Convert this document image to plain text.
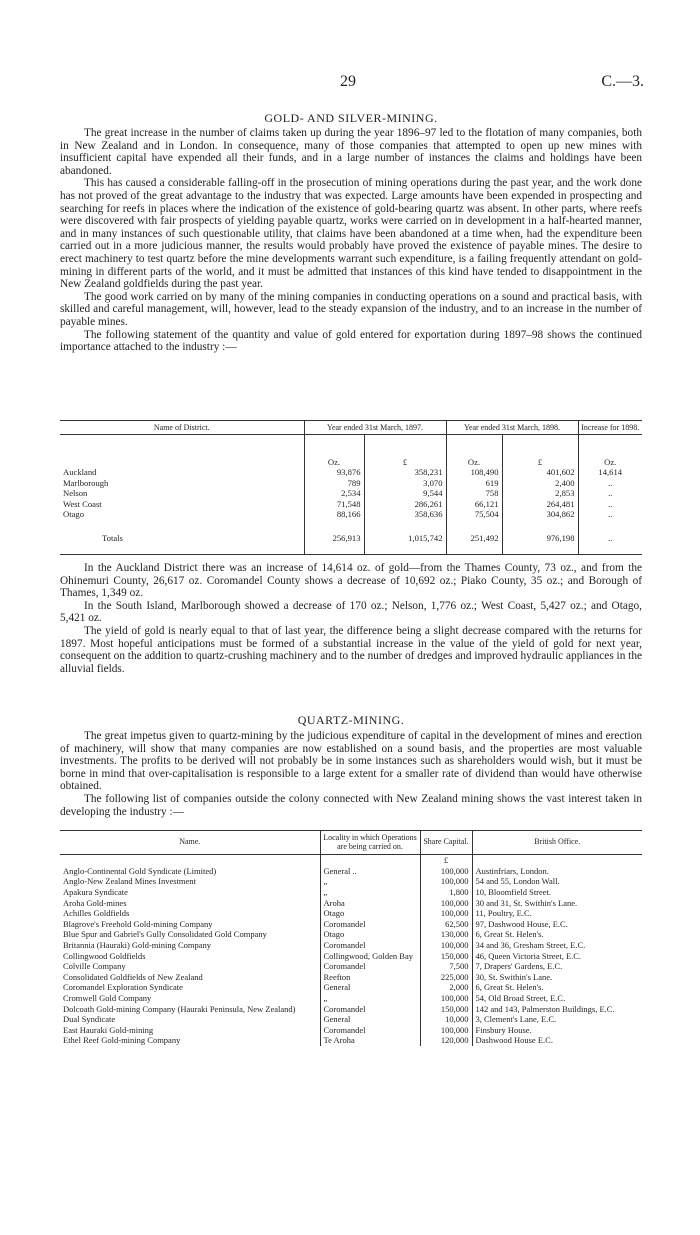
29	C.—3.
GOLD- AND SILVER-MINING.

The great increase in the number of claims taken up during the year 1896–97 led to the flotation of many companies, both in New Zealand and in London. In consequence, many of those companies that attempted to open up new mines with insufficient capital have expended all their funds, and in a large number of instances the claims and holdings have been abandoned.

This has caused a considerable falling-off in the prosecution of mining operations during the past year, and the work done has not proved of the great advantage to the industry that was expected. Large amounts have been expended in prospecting and searching for reefs in places where the indication of the existence of gold-bearing quartz was absent. In other parts, where reefs were discovered with fair prospects of yielding payable quartz, works were carried on in development in a half-hearted manner, and in many instances of such questionable utility, that claims have been abandoned at a time when, had the expenditure been carried out in a more judicious manner, the results would probably have proved the existence of payable mines. The desire to erect machinery to test quartz before the mine developments warrant such expenditure, is a failing frequently attendant on gold-mining in different parts of the world, and it must be admitted that instances of this kind have tended to disappointment in the New Zealand goldfields during the past year.

The good work carried on by many of the mining companies in conducting operations on a sound and practical basis, with skilled and careful management, will, however, lead to the steady expansion of the industry, and to an increase in the number of payable mines.

The following statement of the quantity and value of gold entered for exportation during 1897–98 shows the continued importance attached to the industry :—

Name of District.	Year ended 31st March, 1897.		Year ended 31st March, 1898.		Increase for 1898.
	Oz.	£	Oz.	£	Oz.
Auckland	93,876	358,231	108,490	401,602	14,614
Marlborough	789	3,070	619	2,400	..
Nelson	2,534	9,544	758	2,853	..
West Coast	71,548	286,261	66,121	264,481	..
Otago	88,166	358,636	75,504	304,862	..
Totals	256,913	1,015,742	251,492	976,198	..

In the Auckland District there was an increase of 14,614 oz. of gold—from the Thames County, 73 oz., and from the Ohinemuri County, 26,617 oz. Coromandel County shows a decrease of 10,692 oz.; Piako County, 35 oz.; and Borough of Thames, 1,349 oz.

In the South Island, Marlborough showed a decrease of 170 oz.; Nelson, 1,776 oz.; West Coast, 5,427 oz.; and Otago, 5,421 oz.

The yield of gold is nearly equal to that of last year, the difference being a slight decrease compared with the returns for 1897. Most hopeful anticipations must be formed of a substantial increase in the value of the yield of gold for next year, consequent on the addition to quartz-crushing machinery and to the number of dredges and improved hydraulic appliances in the alluvial fields.

QUARTZ-MINING.

The great impetus given to quartz-mining by the judicious expenditure of capital in the development of mines and erection of machinery, will show that many companies are now established on a sound basis, and the properties are most valuable investments. The profits to be derived will not probably be in some instances such as shareholders would wish, but it must be borne in mind that over-capitalisation is responsible to a large extent for a smaller rate of dividend than would have otherwise obtained.

The following list of companies outside the colony connected with New Zealand mining shows the vast interest taken in developing the industry :—

Name.	Locality in which Operations are being carried on.	Share Capital.	British Office.
		£	
Anglo-Continental Gold Syndicate (Limited)	General ..	100,000	Austinfriars, London.
Anglo-New Zealand Mines Investment	„	100,000	54 and 55, London Wall.
Apakura Syndicate	„	1,800	10, Bloomfield Street.
Aroha Gold-mines	Aroha	100,000	30 and 31, St. Swithin's Lane.
Achilles Goldfields	Otago	100,000	11, Poultry, E.C.
Blagrove's Freehold Gold-mining Company	Coromandel	62,500	97, Dashwood House, E.C.
Blue Spur and Gabriel's Gully Consolidated Gold Company	Otago	130,000	6, Great St. Helen's.
Britannia (Hauraki) Gold-mining Company	Coromandel	100,000	34 and 36, Gresham Street, E.C.
Collingwood Goldfields	Collingwood, Golden Bay	150,000	46, Queen Victoria Street, E.C.
Colville Company	Coromandel	7,500	7, Drapers' Gardens, E.C.
Consolidated Goldfields of New Zealand	Reefton	225,000	30, St. Swithin's Lane.
Coromandel Exploration Syndicate	General	2,000	6, Great St. Helen's.
Cromwell Gold Company	„	100,000	54, Old Broad Street, E.C.
Dolcoath Gold-mining Company (Hauraki Peninsula, New Zealand)	Coromandel	150,000	142 and 143, Palmerston Buildings, E.C.
Dual Syndicate	General	10,000	3, Clement's Lane, E.C.
East Hauraki Gold-mining	Coromandel	100,000	Finsbury House.
Ethel Reef Gold-mining Company	Te Aroha	120,000	Dashwood House E.C.
